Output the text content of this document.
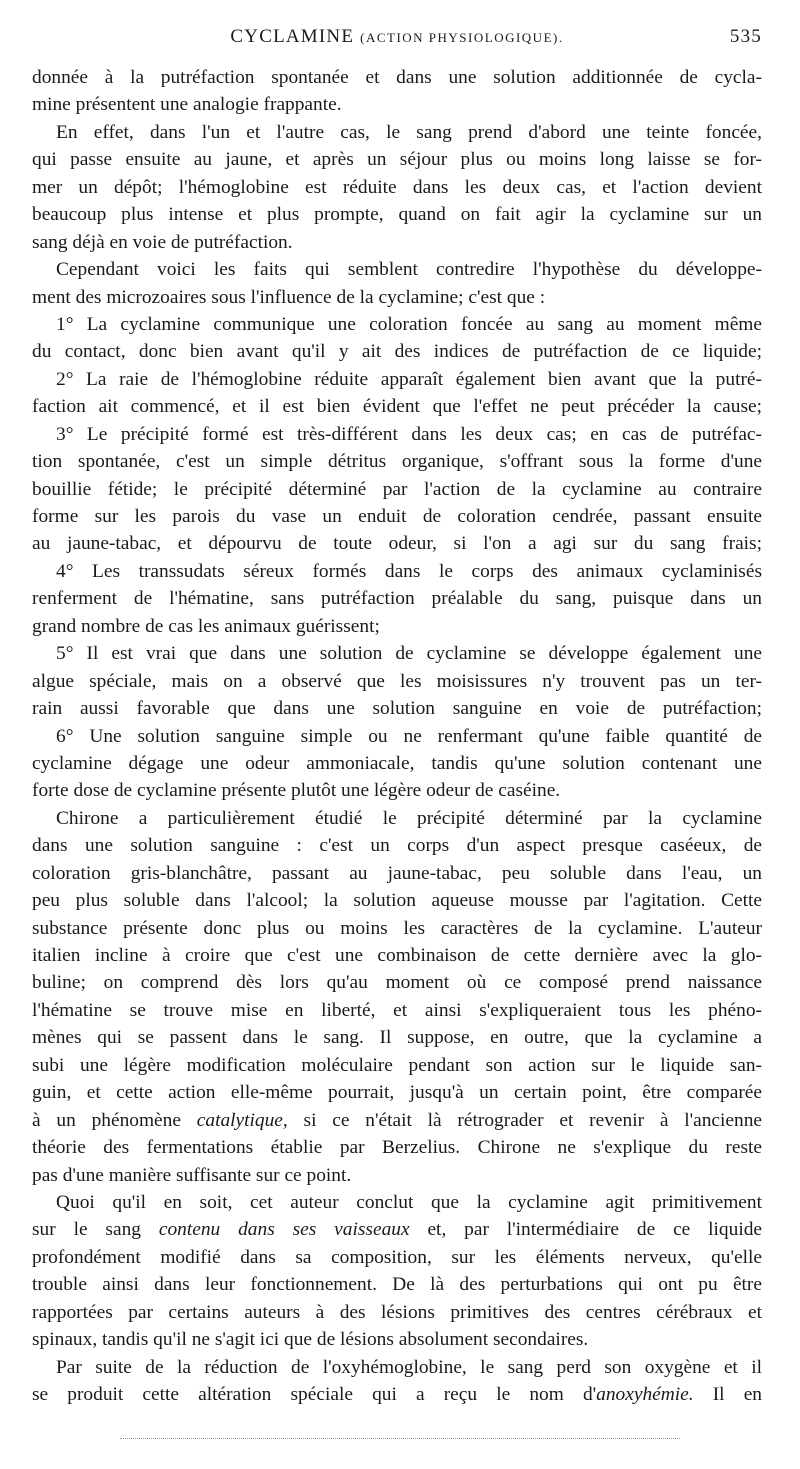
CYCLAMINE (ACTION PHYSIOLOGIQUE).	535
donnée à la putréfaction spontanée et dans une solution additionnée de cycla-
mine présentent une analogie frappante.
En effet, dans l'un et l'autre cas, le sang prend d'abord une teinte foncée,
qui passe ensuite au jaune, et après un séjour plus ou moins long laisse se for-
mer un dépôt; l'hémoglobine est réduite dans les deux cas, et l'action devient
beaucoup plus intense et plus prompte, quand on fait agir la cyclamine sur un
sang déjà en voie de putréfaction.
Cependant voici les faits qui semblent contredire l'hypothèse du développe-
ment des microzoaires sous l'influence de la cyclamine; c'est que :
1° La cyclamine communique une coloration foncée au sang au moment même
du contact, donc bien avant qu'il y ait des indices de putréfaction de ce liquide;
2° La raie de l'hémoglobine réduite apparaît également bien avant que la putré-
faction ait commencé, et il est bien évident que l'effet ne peut précéder la cause;
3° Le précipité formé est très-différent dans les deux cas; en cas de putréfac-
tion spontanée, c'est un simple détritus organique, s'offrant sous la forme d'une
bouillie fétide; le précipité déterminé par l'action de la cyclamine au contraire
forme sur les parois du vase un enduit de coloration cendrée, passant ensuite
au jaune-tabac, et dépourvu de toute odeur, si l'on a agi sur du sang frais;
4° Les transsudats séreux formés dans le corps des animaux cyclaminisés
renferment de l'hématine, sans putréfaction préalable du sang, puisque dans un
grand nombre de cas les animaux guérissent;
5° Il est vrai que dans une solution de cyclamine se développe également une
algue spéciale, mais on a observé que les moisissures n'y trouvent pas un ter-
rain aussi favorable que dans une solution sanguine en voie de putréfaction;
6° Une solution sanguine simple ou ne renfermant qu'une faible quantité de
cyclamine dégage une odeur ammoniacale, tandis qu'une solution contenant une
forte dose de cyclamine présente plutôt une légère odeur de caséine.
Chirone a particulièrement étudié le précipité déterminé par la cyclamine
dans une solution sanguine : c'est un corps d'un aspect presque caséeux, de
coloration gris-blanchâtre, passant au jaune-tabac, peu soluble dans l'eau, un
peu plus soluble dans l'alcool; la solution aqueuse mousse par l'agitation. Cette
substance présente donc plus ou moins les caractères de la cyclamine. L'auteur
italien incline à croire que c'est une combinaison de cette dernière avec la glo-
buline; on comprend dès lors qu'au moment où ce composé prend naissance
l'hématine se trouve mise en liberté, et ainsi s'expliqueraient tous les phéno-
mènes qui se passent dans le sang. Il suppose, en outre, que la cyclamine a
subi une légère modification moléculaire pendant son action sur le liquide san-
guin, et cette action elle-même pourrait, jusqu'à un certain point, être comparée
à un phénomène catalytique, si ce n'était là rétrograder et revenir à l'ancienne
théorie des fermentations établie par Berzelius. Chirone ne s'explique du reste
pas d'une manière suffisante sur ce point.
Quoi qu'il en soit, cet auteur conclut que la cyclamine agit primitivement
sur le sang contenu dans ses vaisseaux et, par l'intermédiaire de ce liquide
profondément modifié dans sa composition, sur les éléments nerveux, qu'elle
trouble ainsi dans leur fonctionnement. De là des perturbations qui ont pu être
rapportées par certains auteurs à des lésions primitives des centres cérébraux et
spinaux, tandis qu'il ne s'agit ici que de lésions absolument secondaires.
Par suite de la réduction de l'oxyhémoglobine, le sang perd son oxygène et il
se produit cette altération spéciale qui a reçu le nom d'anoxyhémie. Il en
